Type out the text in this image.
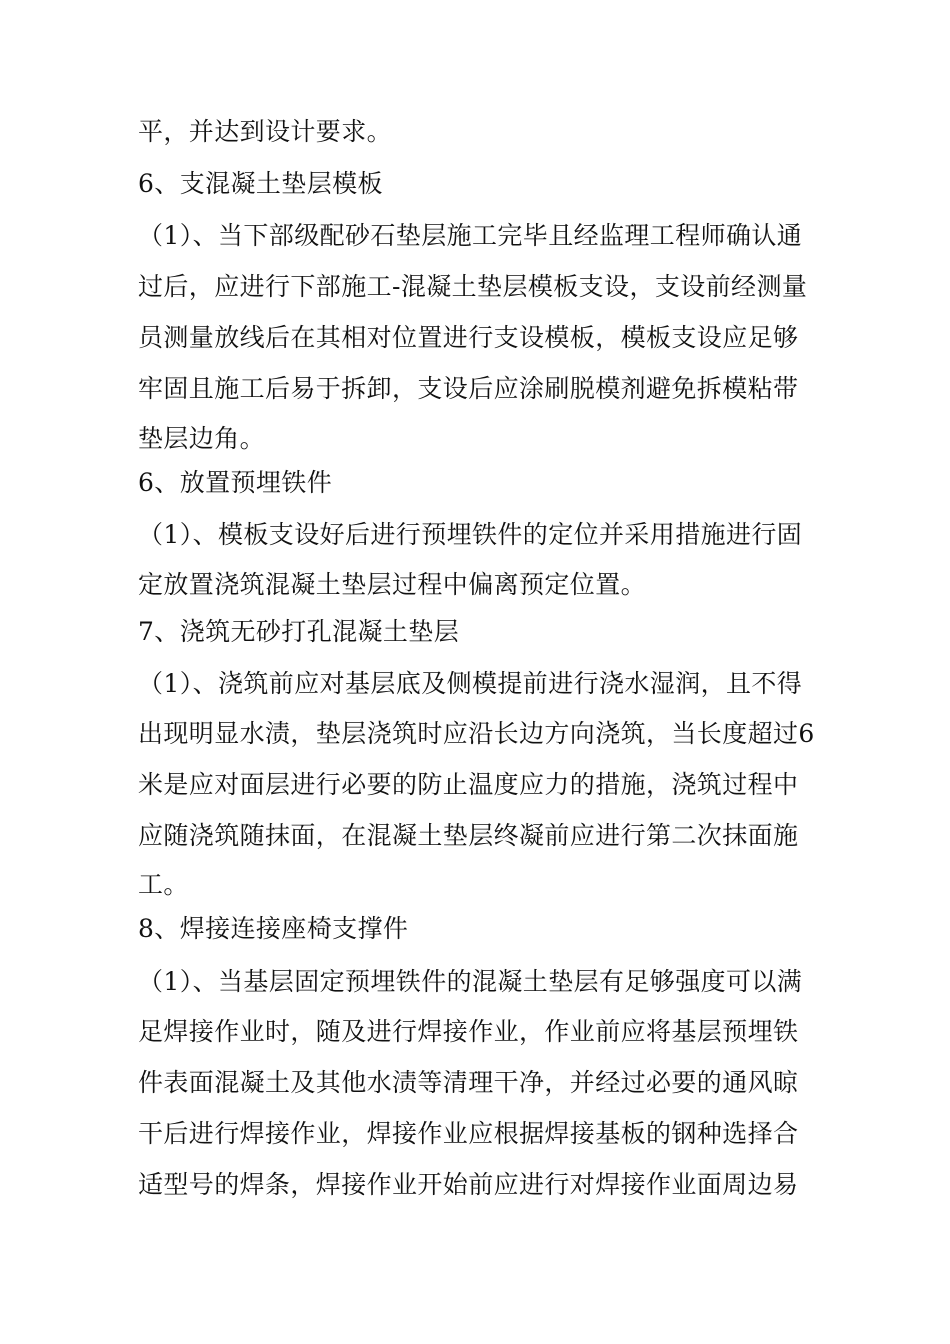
平，并达到设计要求。
6、支混凝土垫层模板
（1）、当下部级配砂石垫层施工完毕且经监理工程师确认通
过后，应进行下部施工-混凝土垫层模板支设，支设前经测量
员测量放线后在其相对位置进行支设模板，模板支设应足够
牢固且施工后易于拆卸，支设后应涂刷脱模剂避免拆模粘带
垫层边角。
6、放置预埋铁件
（1）、模板支设好后进行预埋铁件的定位并采用措施进行固
定放置浇筑混凝土垫层过程中偏离预定位置。
7、浇筑无砂打孔混凝土垫层
（1）、浇筑前应对基层底及侧模提前进行浇水湿润，且不得
出现明显水渍，垫层浇筑时应沿长边方向浇筑，当长度超过6
米是应对面层进行必要的防止温度应力的措施，浇筑过程中
应随浇筑随抹面，在混凝土垫层终凝前应进行第二次抹面施
工。
8、焊接连接座椅支撑件
（1）、当基层固定预埋铁件的混凝土垫层有足够强度可以满
足焊接作业时，随及进行焊接作业，作业前应将基层预埋铁
件表面混凝土及其他水渍等清理干净，并经过必要的通风晾
干后进行焊接作业，焊接作业应根据焊接基板的钢种选择合
适型号的焊条，焊接作业开始前应进行对焊接作业面周边易
